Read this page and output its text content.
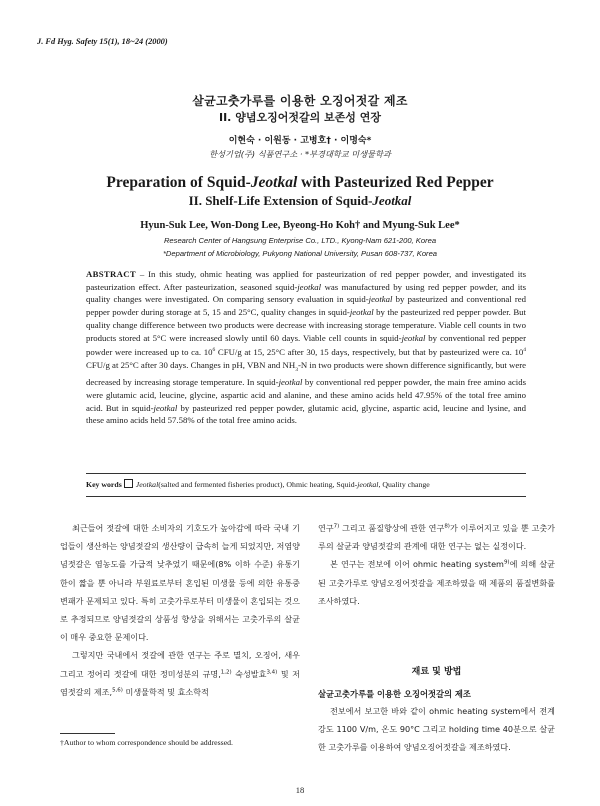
J. Fd Hyg. Safety 15(1), 18~24 (2000)
살균고춧가루를 이용한 오징어젓갈 제조
II. 양념오징어젓갈의 보존성 연장
이현숙 · 이원동 · 고병호† · 이명숙*
한성기업(주) 식품연구소 · *부경대학교 미생물학과
Preparation of Squid-Jeotkal with Pasteurized Red Pepper
II. Shelf-Life Extension of Squid-Jeotkal
Hyun-Suk Lee, Won-Dong Lee, Byeong-Ho Koh† and Myung-Suk Lee*
Research Center of Hangsung Enterprise Co., LTD., Kyong-Nam 621-200, Korea
*Department of Microbiology, Pukyong National University, Pusan 608-737, Korea
ABSTRACT – In this study, ohmic heating was applied for pasteurization of red pepper powder, and investigated its pasteurization effect. After pasteurization, seasoned squid-jeotkal was manufactured by using red pepper powder, and its quality changes were investigated. On comparing sensory evaluation in squid-jeotkal by pasteurized and conventional red pepper powder during storage at 5, 15 and 25°C, quality changes in squid-jeotkal by the pasteurized red pepper powder. But quality change difference between two products were decrease with increasing storage temperature. Viable cell counts in two products stored at 5°C were increased slowly until 60 days. Viable cell counts in squid-jeotkal by conventional red pepper powder were increased up to ca. $10^6$ CFU/g at 15, 25°C after 30, 15 days, respectively, but that by pasteurized were ca. $10^4$ CFU/g at 25°C after 30 days. Changes in pH, VBN and $NH_3-N$ in two products were shown difference significantly, but were decreased by increasing storage temperature. In squid-jeotkal by conventional red pepper powder, the main free amino acids were glutamic acid, leucine, glycine, aspartic acid and alanine, and these amino acids held 47.95% of the total free amino acid. But in squid-jeotkal by pasteurized red pepper powder, glutamic acid, glycine, aspartic acid, leucine and lysine, and these amino acids held 57.58% of the total free amino acids.
Key words Jeotkal(salted and fermented fisheries product), Ohmic heating, Squid-jeotkal, Quality change

최근들어 젓갈에 대한 소비자의 기호도가 높아감에 따라 국내 기업들이 생산하는 양념젓갈의 생산량이 급속히 늘게 되었지만, 저염양념젓갈은 염농도를 가급적 낮추었기 때문에(8% 이하 수준) 유통기한이 짧을 뿐 아니라 부원료로부터 혼입된 미생물 등에 의한 유통중 변패가 문제되고 있다. 특히 고춧가루로부터 미생물이 혼입되는 것으로 추정되므로 양념젓갈의 상품성 향상을 위해서는 고춧가루의 살균이 매우 중요한 문제이다.

그렇지만 국내에서 젓갈에 관한 연구는 주로 멸치, 오징어, 새우 그리고 정어리 젓갈에 대한 정미성분의 규명,$^{1,2)}$ 숙성발효$^{3,4)}$ 및 저염젓갈의 제조,$^{5,6)}$ 미생물학적 및 효소학적

연구$^{7)}$ 그리고 품질향상에 관한 연구$^{8)}$가 이루어지고 있을 뿐 고춧가루의 살균과 양념젓갈의 관계에 대한 연구는 없는 실정이다.

본 연구는 전보에 이어 ohmic heating system$^{9)}$에 의해 살균된 고춧가루로 양념오징어젓갈을 제조하였을 때 제품의 품질변화를 조사하였다.

재료 및 방법
살균고춧가루를 이용한 오징어젓갈의 제조

전보에서 보고한 바와 같이 ohmic heating system에서 전계강도 1100 V/m, 온도 90°C 그리고 holding time 40분으로 살균한 고춧가루를 이용하여 양념오징어젓갈을 제조하였다.

†Author to whom correspondence should be addressed.
18
